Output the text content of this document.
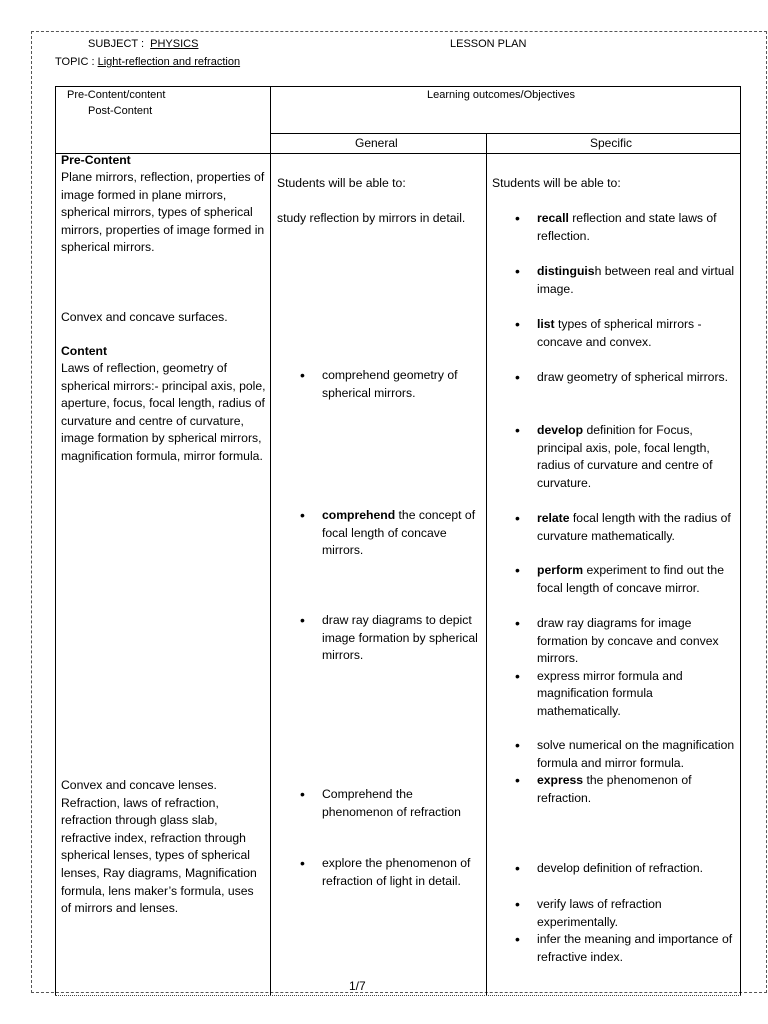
SUBJECT : PHYSICS	LESSON PLAN
TOPIC : Light-reflection and refraction
Pre-Content/content
Post-Content
Learning outcomes/Objectives
General	Specific
Pre-Content
Plane mirrors, reflection, properties of image formed in plane mirrors, spherical mirrors, types of spherical mirrors, properties of image formed in spherical mirrors.
Convex and concave surfaces.
Content
Laws of reflection, geometry of spherical mirrors:- principal axis, pole, aperture, focus, focal length, radius of curvature and centre of curvature, image formation by spherical mirrors, magnification formula, mirror formula.
Convex and concave lenses. Refraction, laws of refraction, refraction through glass slab, refractive index, refraction through spherical lenses, types of spherical lenses, Ray diagrams, Magnification formula, lens maker’s formula, uses of mirrors and lenses.
Students will be able to:
study reflection by mirrors in detail.
• comprehend geometry of spherical mirrors.
• comprehend the concept of focal length of concave mirrors.
• draw ray diagrams to depict image formation by spherical mirrors.
• Comprehend the phenomenon of refraction
• explore the phenomenon of refraction of light in detail.
Students will be able to:
• recall reflection and state laws of reflection.
• distinguish between real and virtual image.
• list types of spherical mirrors - concave and convex.
• draw geometry of spherical mirrors.
• develop definition for Focus, principal axis, pole, focal length, radius of curvature and centre of curvature.
• relate focal length with the radius of curvature mathematically.
• perform experiment to find out the focal length of concave mirror.
• draw ray diagrams for image formation by concave and convex mirrors.
• express mirror formula and magnification formula mathematically.
• solve numerical on the magnification formula and mirror formula.
• express the phenomenon of refraction.
• develop definition of refraction.
• verify laws of refraction experimentally.
• infer the meaning and importance of refractive index.
1/7
